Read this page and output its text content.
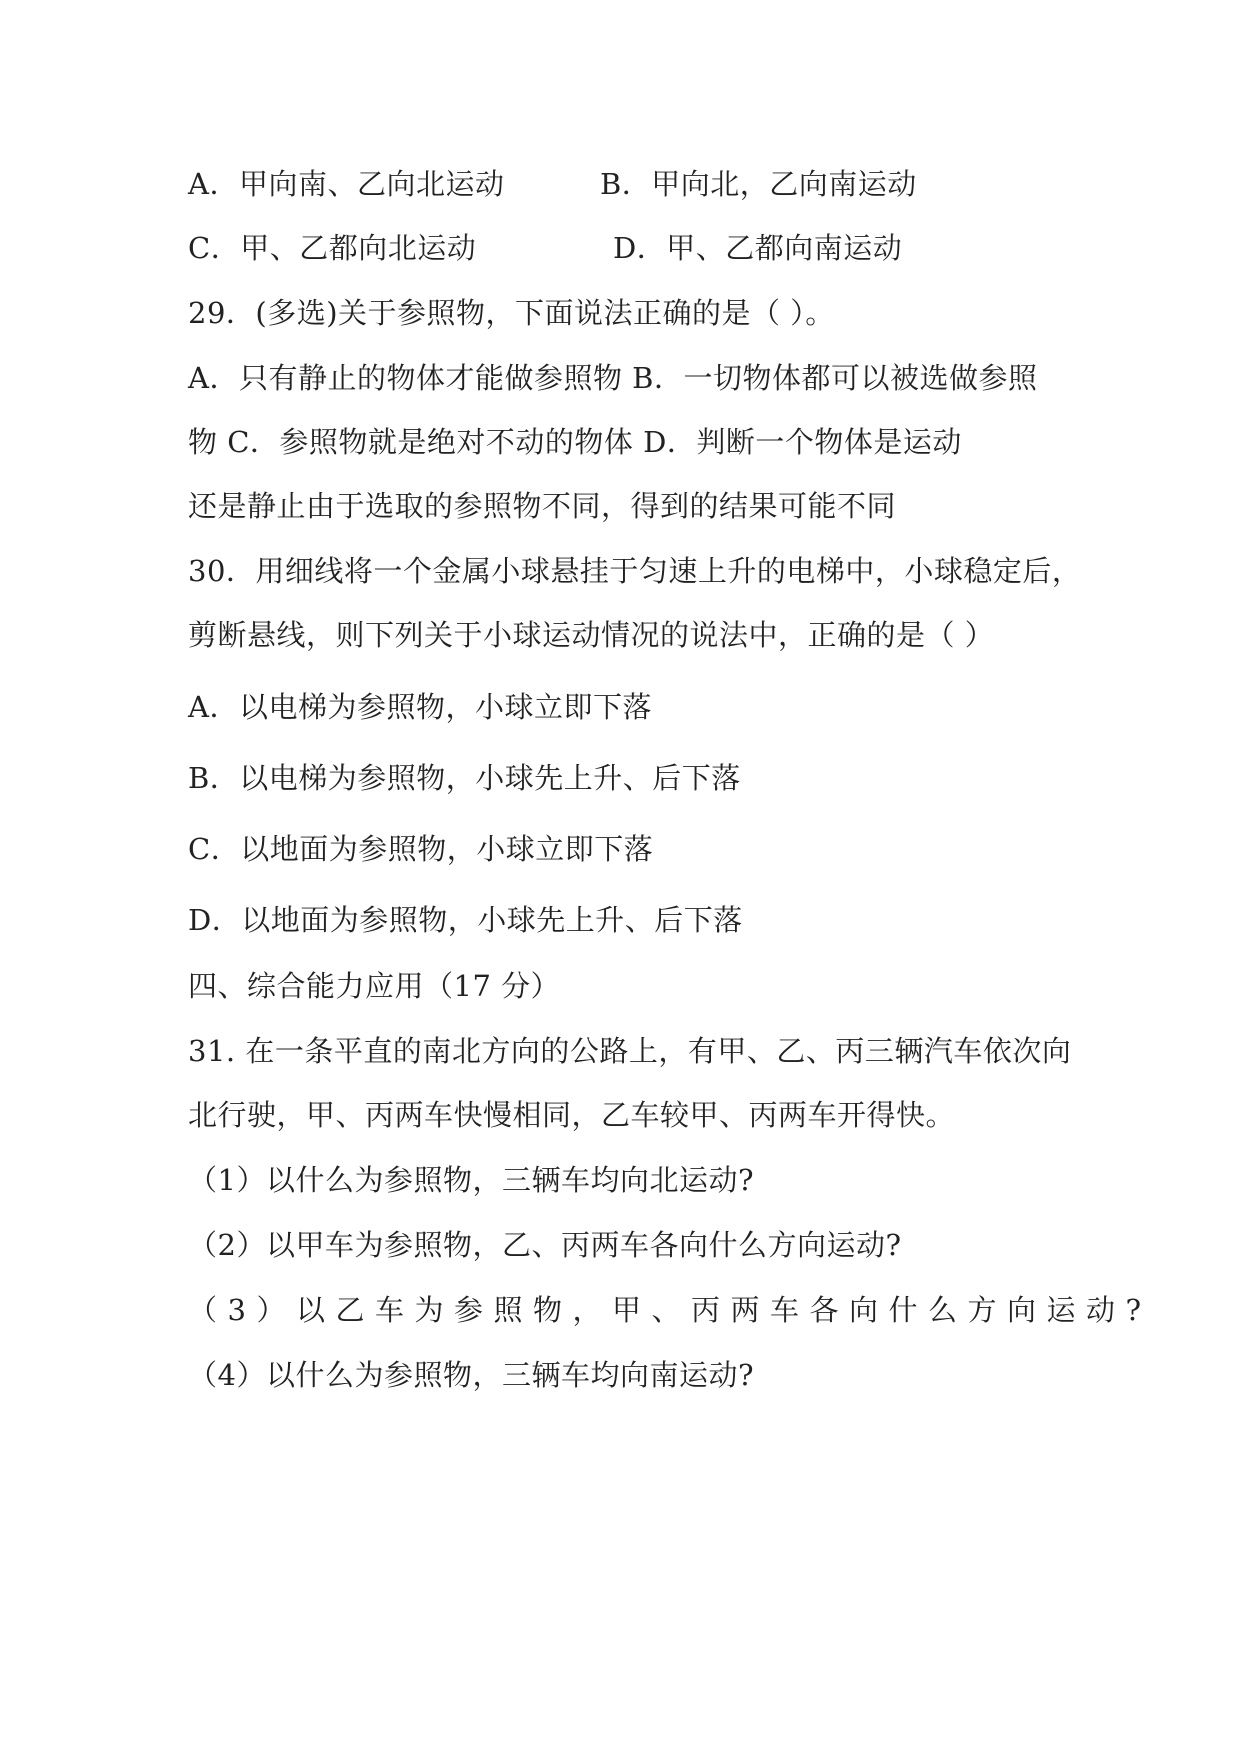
A．甲向南、乙向北运动	B．甲向北，乙向南运动
C．甲、乙都向北运动	D．甲、乙都向南运动
29．(多选)关于参照物，下面说法正确的是（ ）。
A．只有静止的物体才能做参照物 B．一切物体都可以被选做参照
物 C．参照物就是绝对不动的物体 D．判断一个物体是运动
还是静止由于选取的参照物不同，得到的结果可能不同
30．用细线将一个金属小球悬挂于匀速上升的电梯中，小球稳定后，
剪断悬线，则下列关于小球运动情况的说法中，正确的是（ ）
A．以电梯为参照物，小球立即下落
B．以电梯为参照物，小球先上升、后下落
C．以地面为参照物，小球立即下落
D．以地面为参照物，小球先上升、后下落
四、综合能力应用（17 分）
31. 在一条平直的南北方向的公路上，有甲、乙、丙三辆汽车依次向
北行驶，甲、丙两车快慢相同，乙车较甲、丙两车开得快。
（1）以什么为参照物，三辆车均向北运动?
（2）以甲车为参照物，乙、丙两车各向什么方向运动?
（3）以乙车为参照物，甲、丙两车各向什么方向运动?
（4）以什么为参照物，三辆车均向南运动?
